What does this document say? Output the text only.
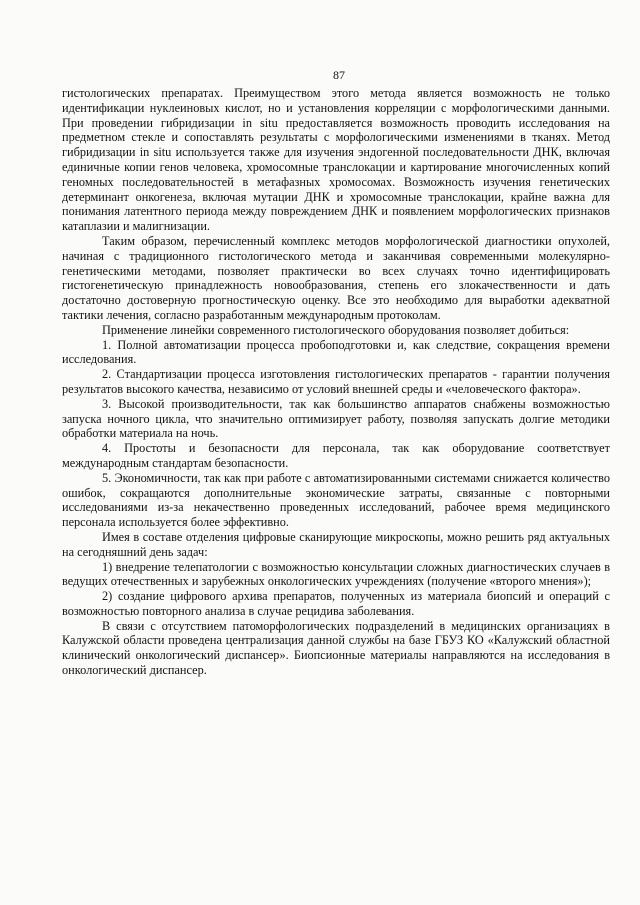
87

гистологических препаратах. Преимуществом этого метода является возможность не только идентификации нуклеиновых кислот, но и установления корреляции с морфологическими данными. При проведении гибридизации in situ предоставляется возможность проводить исследования на предметном стекле и сопоставлять результаты с морфологическими изменениями в тканях. Метод гибридизации in situ используется также для изучения эндогенной последовательности ДНК, включая единичные копии генов человека, хромосомные транслокации и картирование многочисленных копий геномных последовательностей в метафазных хромосомах. Возможность изучения генетических детерминант онкогенеза, включая мутации ДНК и хромосомные транслокации, крайне важна для понимания латентного периода между повреждением ДНК и появлением морфологических признаков катаплазии и малигнизации.

Таким образом, перечисленный комплекс методов морфологической диагностики опухолей, начиная с традиционного гистологического метода и заканчивая современными молекулярно-генетическими методами, позволяет практически во всех случаях точно идентифицировать гистогенетическую принадлежность новообразования, степень его злокачественности и дать достаточно достоверную прогностическую оценку. Все это необходимо для выработки адекватной тактики лечения, согласно разработанным международным протоколам.

Применение линейки современного гистологического оборудования позволяет добиться:

1. Полной автоматизации процесса пробоподготовки и, как следствие, сокращения времени исследования.

2. Стандартизации процесса изготовления гистологических препаратов - гарантии получения результатов высокого качества, независимо от условий внешней среды и «человеческого фактора».

3. Высокой производительности, так как большинство аппаратов снабжены возможностью запуска ночного цикла, что значительно оптимизирует работу, позволяя запускать долгие методики обработки материала на ночь.

4. Простоты и безопасности для персонала, так как оборудование соответствует международным стандартам безопасности.

5. Экономичности, так как при работе с автоматизированными системами снижается количество ошибок, сокращаются дополнительные экономические затраты, связанные с повторными исследованиями из-за некачественно проведенных исследований, рабочее время медицинского персонала используется более эффективно.

Имея в составе отделения цифровые сканирующие микроскопы, можно решить ряд актуальных на сегодняшний день задач:

1) внедрение телепатологии с возможностью консультации сложных диагностических случаев в ведущих отечественных и зарубежных онкологических учреждениях (получение «второго мнения»);

2) создание цифрового архива препаратов, полученных из материала биопсий и операций с возможностью повторного анализа в случае рецидива заболевания.

В связи с отсутствием патоморфологических подразделений в медицинских организациях в Калужской области проведена централизация данной службы на базе ГБУЗ КО «Калужский областной клинический онкологический диспансер». Биопсионные материалы направляются на исследования в онкологический диспансер.
